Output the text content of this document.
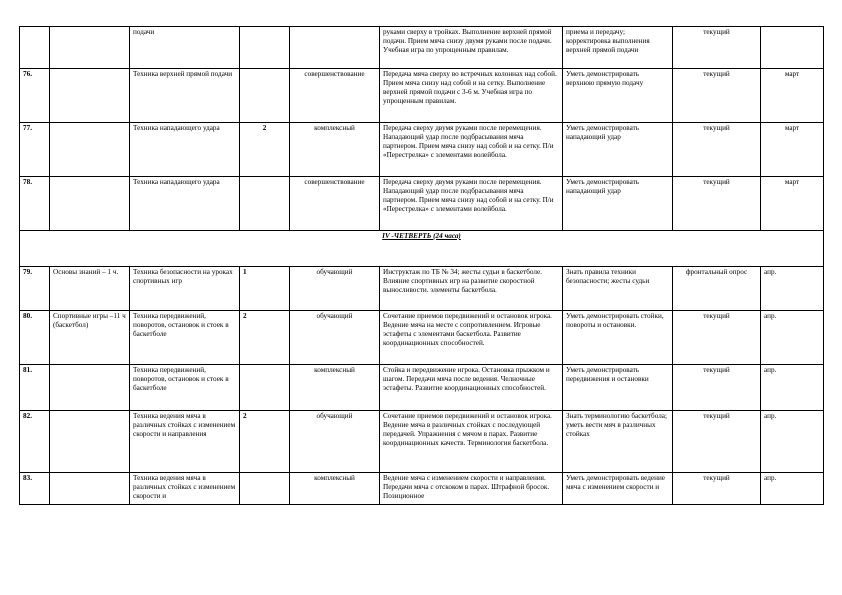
		подачи			руками сверху в тройках. Выполнение верхней прямой подачи. Прием мяча снизу двумя руками после подачи. Учебная игра по упрощенным правилам.	приема и передачу; корректировка выполнения верхней прямой подачи	текущий	
76.		Техника верхней прямой подачи		совершенствование	Передача мяча сверху во встречных колоннах над собой. Прием мяча снизу над собой и на сетку. Выполнение верхней прямой подачи с 3-6 м. Учебная игра по упрощенным правилам.	Уметь демонстрировать верхнюю прямую подачу	текущий	март
77.		Техника нападающего удара	2	комплексный	Передача сверху двумя руками после перемещения. Нападающий удар после подбрасывания мяча партнером. Прием мяча снизу над собой и на сетку. П/и «Перестрелка» с элементами волейбола.	Уметь демонстрировать нападающий удар	текущий	март
78.		Техника нападающего удара		совершенствование	Передача сверху двумя руками после перемещения. Нападающий удар после подбрасывания мяча партнером. Прием мяча снизу над собой и на сетку. П/и «Перестрелка» с элементами волейбола.	Уметь демонстрировать нападающий удар	текущий	март
IV -ЧЕТВЕРТЬ (24 часа)								
79.	Основы знаний – 1 ч.	Техника безопасности на уроках спортивных игр	1	обучающий	Инструктаж по ТБ № 34; жесты судьи в баскетболе. Влияние спортивных игр на развитие скоростной выносливости. элементы баскетбола.	Знать правила техники безопасности; жесты судьи	фронтальный опрос	апр.
80.	Спортивные игры –11 ч (баскетбол)	Техника передвижений, поворотов, остановок и стоек в баскетболе	2	обучающий	Сочетание приемов передвижений и остановок игрока. Ведение мяча на месте с сопротивлением. Игровые эстафеты с элементами баскетбола. Развитие координационных способностей.	Уметь демонстрировать стойки, повороты и остановки.	текущий	апр.
81.		Техника передвижений, поворотов, остановок и стоек в баскетболе		комплексный	Стойка и передвижение игрока. Остановка прыжком и шагом. Передачи мяча после ведения. Челночные эстафеты. Развитие координационных способностей.	Уметь демонстрировать передвижения и остановки	текущий	апр.
82.		Техника ведения мяча в различных стойках с изменением скорости и направления	2	обучающий	Сочетание приемов передвижений и остановок игрока. Ведение мяча в различных стойках с последующей передачей. Упражнения с мячом в парах. Развитие координационных качеств. Терминология баскетбола.	Знать терминологию баскетбола; уметь вести мяч в различных стойках	текущий	апр.
83.		Техника ведения мяча в различных стойках с изменением скорости и		комплексный	Ведение мяча с изменением скорости и направления. Передачи мяча с отскоком в парах. Штрафной бросок. Позиционное	Уметь демонстрировать ведение мяча с изменением скорости и	текущий	апр.
